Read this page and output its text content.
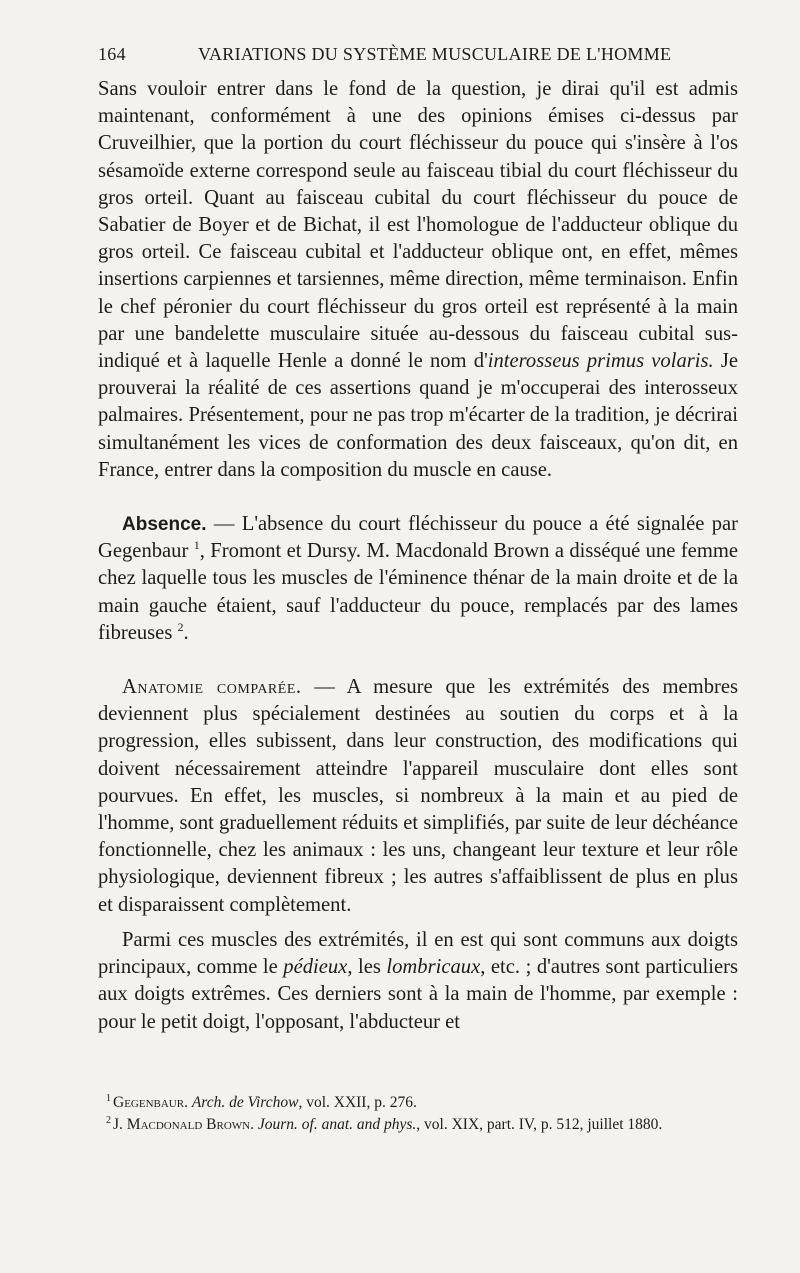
164	VARIATIONS DU SYSTÈME MUSCULAIRE DE L'HOMME

Sans vouloir entrer dans le fond de la question, je dirai qu'il est admis maintenant, conformément à une des opinions émises ci-dessus par Cruveilhier, que la portion du court fléchisseur du pouce qui s'insère à l'os sésamoïde externe correspond seule au faisceau tibial du court fléchisseur du gros orteil. Quant au faisceau cubital du court fléchisseur du pouce de Sabatier de Boyer et de Bichat, il est l'homologue de l'adducteur oblique du gros orteil. Ce faisceau cubital et l'adducteur oblique ont, en effet, mêmes insertions carpiennes et tarsiennes, même direction, même terminaison. Enfin le chef péronier du court fléchisseur du gros orteil est représenté à la main par une bandelette musculaire située au-dessous du faisceau cubital sus-indiqué et à laquelle Henle a donné le nom d'interosseus primus volaris. Je prouverai la réalité de ces assertions quand je m'occuperai des interosseux palmaires. Présentement, pour ne pas trop m'écarter de la tradition, je décrirai simultanément les vices de conformation des deux faisceaux, qu'on dit, en France, entrer dans la composition du muscle en cause.

Absence. — L'absence du court fléchisseur du pouce a été signalée par Gegenbaur $^1$, Fromont et Dursy. M. Macdonald Brown a disséqué une femme chez laquelle tous les muscles de l'éminence thénar de la main droite et de la main gauche étaient, sauf l'adducteur du pouce, remplacés par des lames fibreuses $^2$.

Anatomie comparée. — A mesure que les extrémités des membres deviennent plus spécialement destinées au soutien du corps et à la progression, elles subissent, dans leur construction, des modifications qui doivent nécessairement atteindre l'appareil musculaire dont elles sont pourvues. En effet, les muscles, si nombreux à la main et au pied de l'homme, sont graduellement réduits et simplifiés, par suite de leur déchéance fonctionnelle, chez les animaux : les uns, changeant leur texture et leur rôle physiologique, deviennent fibreux ; les autres s'affaiblissent de plus en plus et disparaissent complètement.

Parmi ces muscles des extrémités, il en est qui sont communs aux doigts principaux, comme le pédieux, les lombricaux, etc. ; d'autres sont particuliers aux doigts extrêmes. Ces derniers sont à la main de l'homme, par exemple : pour le petit doigt, l'opposant, l'abducteur et

$^1$ Gegenbaur. Arch. de Virchow, vol. XXII, p. 276.

$^2$ J. Macdonald Brown. Journ. of. anat. and phys., vol. XIX, part. IV, p. 512, juillet 1880.
